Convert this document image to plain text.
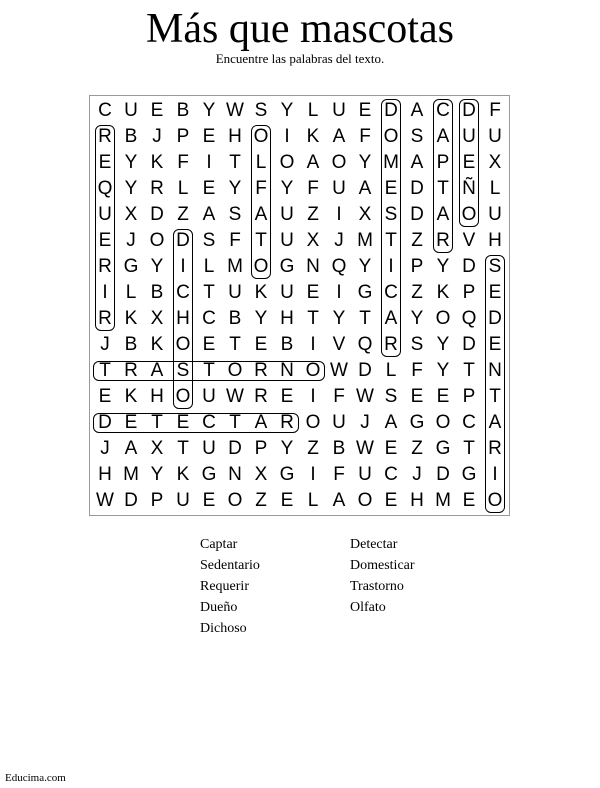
Más que mascotas
Encuentre las palabras del texto.
C U E B Y W S Y L U E D A C D F
R B J P E H O I K A F O S A U U
E Y K F I T L O A O Y M A P E X
Q Y R L E Y F Y F U A E D T Ñ L
U X D Z A S A U Z I X S D A O U
E J O D S F T U X J M T Z R V H
R G Y I L M O G N Q Y I P Y D S
I L B C T U K U E I G C Z K P E
R K X H C B Y H T Y T A Y O Q D
J B K O E T E B I V Q R S Y D E
T R A S T O R N O W D L F Y T N
E K H O U W R E I F W S E E P T
D E T E C T A R O U J A G O C A
J A X T U D P Y Z B W E Z G T R
H M Y K G N X G I F U C J D G I
W D P U E O Z E L A O E H M E O
Captar
Sedentario
Requerir
Dueño
Dichoso
Detectar
Domesticar
Trastorno
Olfato
Educima.com
